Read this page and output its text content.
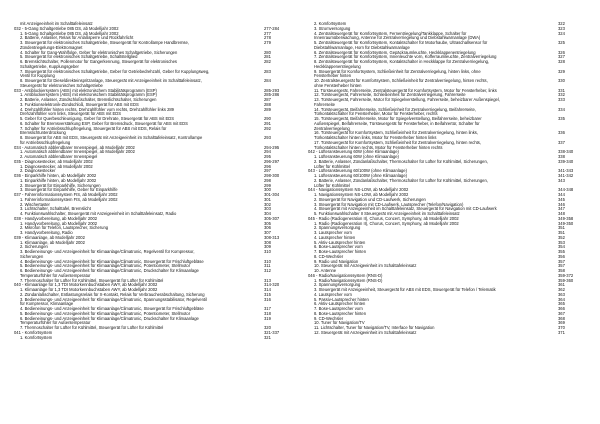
mit Anzeigeeinheit im Schalttafeleinsatz
032 - 5-Gang Schaltgetriebe 085 DS, ab Modelljahr 2002	277-284
1. 5-Gang Schaltgetriebe 085 DS, ab Modelljahr 2002	277
2. Batterie, Anlasser, Relais für Anlaßsperre und Rückfahrlicht	278
3. Steuergerät für elektronisches Schaltgetriebe, Steuergerät für Kontrollampe Handbremse,	279
Zündentriegelungs-Elektromagnet
4. Schalter für Gang-Wahlfolge, Geber für elektronisches Schaltgetriebe, Sicherungen	280
5. Steuergerät für elektronisches Schaltgetriebe, Schaltstellglied	281
6. Bremslichtschalter, Pollenmotor für Gangerkennung, Steuergerät für elektronisches	282
Schaltgetriebe, Kupplungsgeber
7. Steuergerät für elektronisches Schaltgetriebe, Geber für Getriebedrehzahl, Geber für Kupplungsweg,	283
Ventil für Kupplung
8. Steuergerät für Dieseldirekteinspritzanlage, Steuergerät mit Anzeigeeinheit im Schalttafeleinsatz,	284
Steuergerät für elektronisches Schaltgetriebe
033 - Antiblockiersystem (ABS) mit elektronischem Stabilitätsprogramm (ESP)	285-293
1. Antiblockiersystem (ABS) mit elektronischem Stabilitätsprogramm (ESP)	285-286
2. Batterie, Anlasser, Zündschloßschalter, Bremslichtschalter, Sicherungen	287
3. Funktionselektronik-Zündschloß, Steuergerät für ABS mit EDS	288
4. Drehzahlfühler hinten rechts, Drehzahlfühler vorn rechts, Drehzahlfühler links 289	289
Drehzahlfühler vorn links, Steuergerät für ABS mit EDS
5. Geber für Querbeschleunigung, Geber für Drehrate, Steuergerät für ABS mit EDS	290
6. Schalter für Bremsverstärkung ESP, Geber für Bremsdruck, Steuergerät für ABS mit EDS	291
7. Schalter für Antriebsschlupfregelung, Steuergerät für ABS mit EDS, Relais für	292
Bremslichtunterdrückung
8. Steuergerät für ABS mit EDS, Steuergerät mit Anzeigeeinheit im Schalttafeleinsatz, Kontrollampe	293
für Antriebsschlupfregelung
034 - Automatisch abblendbarer Innenspiegel, ab Modelljahr 2002	294-295
1. Automatisch abblendbarer Innenspiegel, ab Modelljahr 2002	294
2. Automatisch abblendbarer Innenspiegel	295
035 - Diagnosestecker, ab Modelljahr 2002	296-297
1. Diagnosestecker, ab Modelljahr 2002	296
2. Diagnosestecker	297
036 - Einparkhilfe hinten, ab Modelljahr 2002	298-300
1. Einparkhilfe hinten, ab Modelljahr 2002	298
2. Steuergerät für Einparkhilfe, Sicherungen	299
3. Steuergerät für Einparkhilfe, Geber für Einparkhilfe	300
037 - Fahrerinformationssystem FIS, ab Modelljahr 2002	301-304
1. Fahrerinformationssystem FIS, ab Modelljahr 2002	301
2. Wischertaster	302
3. Lichtschalter, Schalttafel, Bremslicht	303
4. Funktionswahlschalter, Steuergerät mit Anzeigeeinheit im Schalttafeleinsatz, Radio	304
038 - Handyvorbereitung, ab Modelljahr 2002	305-307
1. Handyvorbereitung, ab Modelljahr 2002	305
2. Mikrofon für Telefon, Lautsprecher, Sicherung	306
3. Handyvorbereitung, Radio	307
039 - Klimaanlage, ab Modelljahr 2002	308-313
1. Klimaanlage, ab Modelljahr 2002	308
2. Sicherungen	309
3. Bedieneinungs- und Anzeigeeinheit für Klimaanlage/Climatronic, Regelventil für Kompressor,	310
Sicherungen
4. Bedieneinungs- und Anzeigeeinheit für Klimaanlage/Climatronic, Steuergerät für Frischluftgebläse	310
5. Bedieneinungs- und Anzeigeeinheit für Klimaanlage/Climatronic, Potentiometer, Stellmotor	311
6. Bedieneinungs- und Anzeigeeinheit für Klimaanlage/Climatronic, Druckschalter für Klimaanlage	312
Temperaturfühler für Außentemperatur
7. Thermoschalter für Lüfter für Kühlmittel, Steuergerät für Lüfter für Kühlmittel	313
040 - Klimaanlage für 1,3 TDI Motorkennbuchstaben AWY, ab Modelljahr 2002	314-320
1. Klimaanlage für 1,3 TDI Motorkennbuchstaben AWY, ab Modelljahr 2002	314
2. Zündanlaßschalter, Entlastungsrelais für X-Kontakt, Relais für Verbraucherabschaltung, Sicherung	315
3. Bedieneinungs- und Anzeigeeinheit für Klimaanlage/Climatronic, Spannungsstabilisator, Regelventil	316
für Kompressor, Klimaanlage
4. Bedieneinungs- und Anzeigeeinheit für Klimaanlage/Climatronic, Steuergerät für Frischluftgebläse	317
5. Bedieneinungs- und Anzeigeeinheit für Klimaanlage/Climatronic, Potentiometer, Stellmotor	318
6. Bedieneinungs- und Anzeigeeinheit für Klimaanlage/Climatronic, Druckschalter für Klimaanlage	319
Temperaturfühler für Außentemperatur
7. Thermoschalter für Lüfter für Kühlmittel, Steuergerät für Lüfter für Kühlmittel	320
041 - Komfortsystem	321-337
1. Komfortsystem	321
2. Komfortsystem	322
3. Stromversorgung	323
4. Zentralsteuergerät für Komfortsystem, Fernentriegelung/Tankklappe, Schalter für	324
Innenraumüberwachung, Antenne für Zentralverriegelung und Diebstahlwarnanlage (DWA)
5. Zentralsteuergerät für Komfortsystem, Kontaktschalter für Motorhaube, Ultraschallsensor für	325
Diebstahlwarnanlage, Horn für Diebstahlwarnanlage
6. Zentralsteuergerät für Komfortsystem, Gepäckraumleuchte, Heckklappenentriegelung	326
7. Zentralsteuergerät für Komfortsystem, Innenleuchte vorn, Kofferraumleuchte, Zentralverriegelung	327
8. Zentralsteuergerät für Komfortsystem, Kontaktschalter in Heckklappe für Zentralverriegelung,	328
Heckklappenentriegelung
9. Steuergerät für Komfortsystem, Schließeinheit für Zentralverriegelung, hinten links, ohne	329
Fensterheber hinten
10. Zentralsteuergerät für Komfortsystem, Schließeinheit für Zentralverriegelung, hinten rechts,	330
ohne Fensterheber hinten
11. Türsteuergerät, Fahrerseite, Zentralsteuergerät für Komfortsystem, Motor für Fensterheber, links	331
12. Türsteuergerät, Fahrerseite, Schließeinheit für Zentralverriegelung, Fahrerseite	332
13. Türsteuergerät, Fahrerseite, Motor für Spiegelverstellung, Fahrerseite, beheizbarer Außenspiegel,	333
Fahrerseite
14. Türsteuergerät, Beifahrerseite, Schließeinheit für Zentralverriegelung, Beifahrerseite,	334
Türkontaktschalter für Fensterheber, Motor für Fensterheber, rechts
15. Türsteuergerät, Beifahrerseite, Motor für Spiegelverstellung, Beifahrerseite, beheizbarer	335
Außenspiegel, Beifahrerseite, Türsteuergerät für Fensterheber, in Beifahrertür, Schalter für
Zentralverriegelung
16. Türsteuergerät für Komfortsystem, Schließeinheit für Zentralverriegelung, hinten links,	336
Türkontaktschalter hinten links, Motor für Fensterheber hinten links
17. Türsteuergerät für Komfortsystem, Schließeinheit für Zentralverriegelung, hinten rechts,	337
Türkontaktschalter hinten rechts, Motor für Fensterheber hinten rechts
042 - Lüfteransteuerung 60W (ohne Klimaanlage)	338-340
1. Lüfteransteuerung 60W (ohne Klimaanlage)	338
2. Batterie, Anlasser, Zündanlaßschalter, Thermoschalter für Lüfter für Kühlmittel, Sicherungen,	339-340
Lüfter für Kühlmittel
043 - Lüfteransteuerung 60/100W (ohne Klimaanlage)	341-343
1. Lüfteransteuerung 60/100W (ohne Klimaanlage)	341-342
2. Batterie, Anlasser, Zündanlaßschalter, Thermoschalter für Lüfter für Kühlmittel, Sicherungen,	343
Lüfter für Kühlmittel
044 - Navigationssystem NS-LOW, ab Modelljahr 2002	344-348
1. Navigationssystem NS-LOW, ab Modelljahr 2002	344
2. Steuergerät für Navigation und CD-Laufwerk, Sicherungen	345
3. Steuergerät für Navigation mit CD-Laufwerk, Lautsprecher (Telefon/Navigation)	346
4. Steuergerät mit Anzeigeeinheit im Schalttafeleinsatz, Steuergerät für Navigation mit CD-Laufwerk	347
5. Funktionswahlschalter II Steuergerät mit Anzeigeeinheit im Schalttafeleinsatz	348
045 - Radio (Radiogeneration II), Chorus, Concert, Symphony, ab Modelljahr 2002	349-358
1. Radio (Radiogeneration II), Chorus, Concert, Symphony, ab Modelljahr 2002	349-350
2. Spannungsversorgung	351
3. Lautsprecher vorn	351
4. Lautsprecher hinten	352
5. Aktiv-Lautsprecher hinten	353
6. Bose-Lautsprecher vorn	354
7. Bose-Lautsprecher hinten	355
8. CD-Wechsler	356
9. Radio und Navigation	357
10. Steuergerät mit Anzeigeeinheit im Schalttafeleinsatz	357
10. Antenne	358
046 - Radio/Navigationssystem (RNS-D)	359-372
1. Radio/Navigationssystem (RNS-D)	359-360
2. Spannungsversorgung	361
3. Steuergerät mit Anzeigeeinheit, Steuergerät für ABS mit EDS, Steuergerät für Telefon / Telematik	362
4. Lautsprecher vorn	363
5. Passiv-Lautsprecher hinten	364
6. Aktiv-Lautsprecher hinten	365
7. Bose-Lautsprecher vorn	366
8. Bose-Lautsprecher hinten	367
9. CD-Wechsler	368
10. Tuner für Navigation/TV	369
11. Lichtschalter, Tuner für Navigation/TV, Interface für Navigation	370
12. Steuergerät mit Anzeigeeinheit im Schalttafeleinsatz	371
